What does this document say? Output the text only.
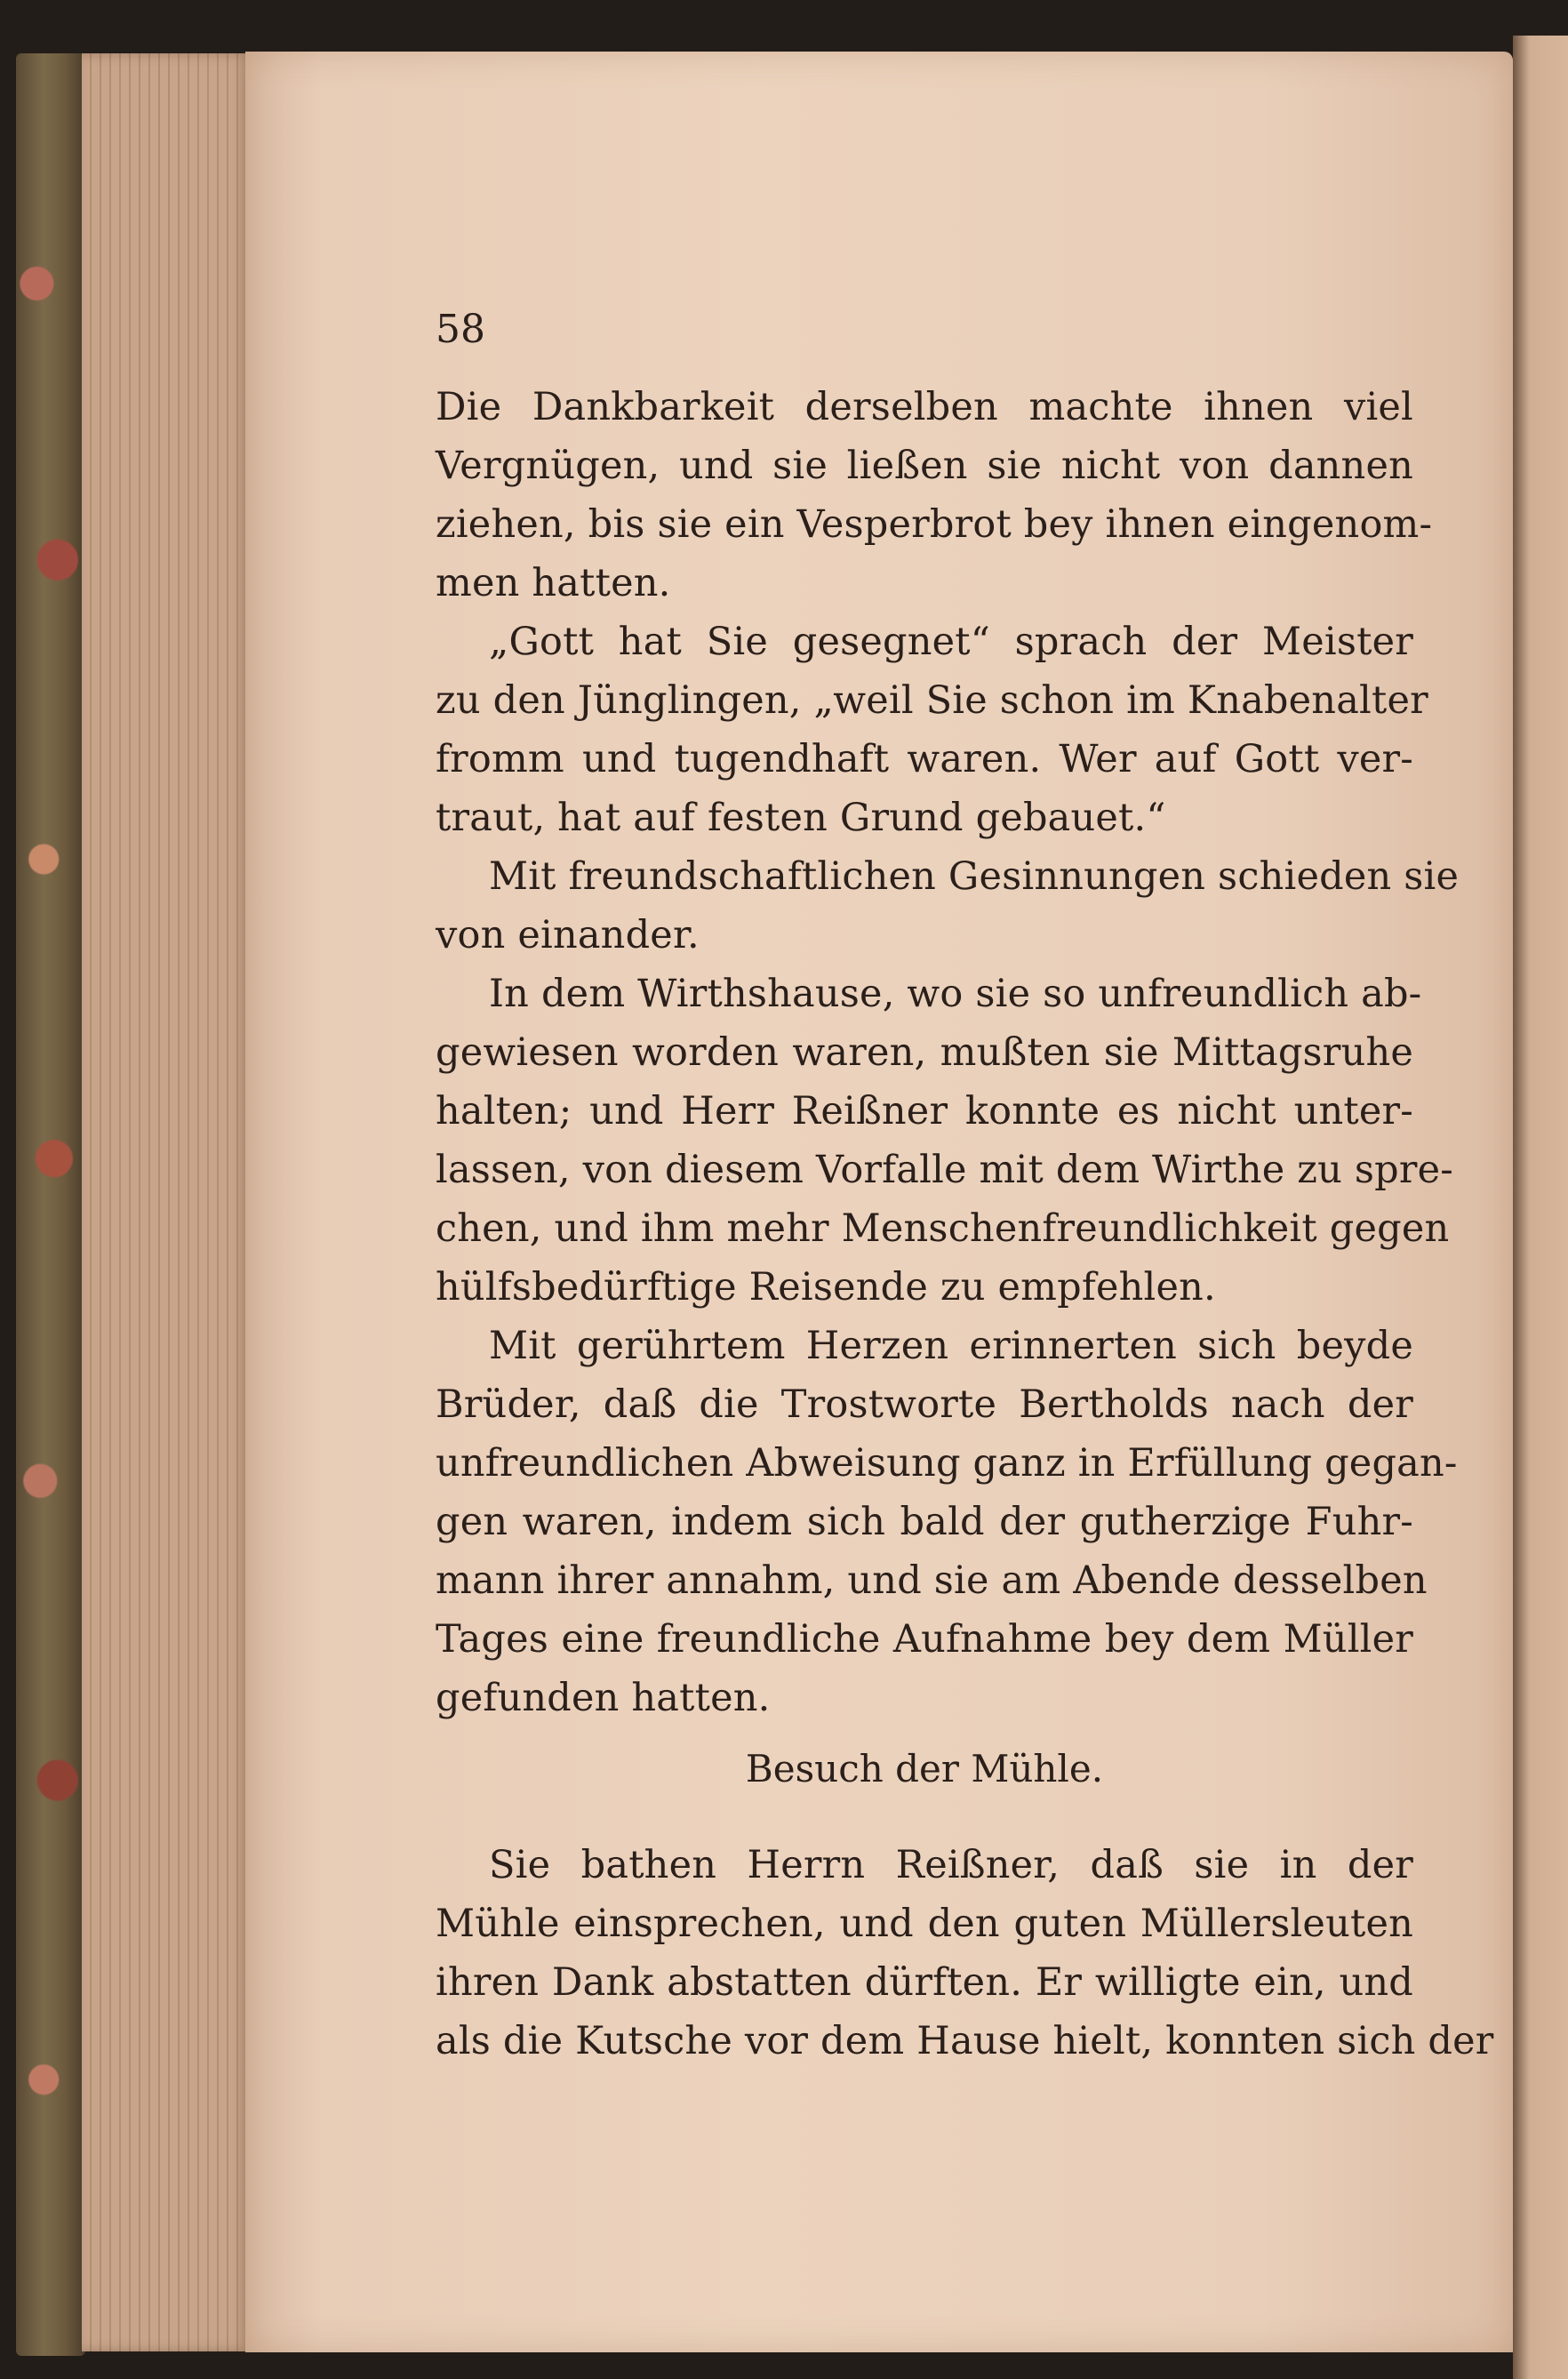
58
Die Dankbarkeit derselben machte ihnen viel
Vergnügen, und sie ließen sie nicht von dannen
ziehen, bis sie ein Vesperbrot bey ihnen eingenom-
men hatten.
„Gott hat Sie gesegnet“ sprach der Meister
zu den Jünglingen, „weil Sie schon im Knabenalter
fromm und tugendhaft waren. Wer auf Gott ver-
traut, hat auf festen Grund gebauet.“
Mit freundschaftlichen Gesinnungen schieden sie
von einander.
In dem Wirthshause, wo sie so unfreundlich ab-
gewiesen worden waren, mußten sie Mittagsruhe
halten; und Herr Reißner konnte es nicht unter-
lassen, von diesem Vorfalle mit dem Wirthe zu spre-
chen, und ihm mehr Menschenfreundlichkeit gegen
hülfsbedürftige Reisende zu empfehlen.
Mit gerührtem Herzen erinnerten sich beyde
Brüder, daß die Trostworte Bertholds nach der
unfreundlichen Abweisung ganz in Erfüllung gegan-
gen waren, indem sich bald der gutherzige Fuhr-
mann ihrer annahm, und sie am Abende desselben
Tages eine freundliche Aufnahme bey dem Müller
gefunden hatten.
Besuch der Mühle.
Sie bathen Herrn Reißner, daß sie in der
Mühle einsprechen, und den guten Müllersleuten
ihren Dank abstatten dürften. Er willigte ein, und
als die Kutsche vor dem Hause hielt, konnten sich der
